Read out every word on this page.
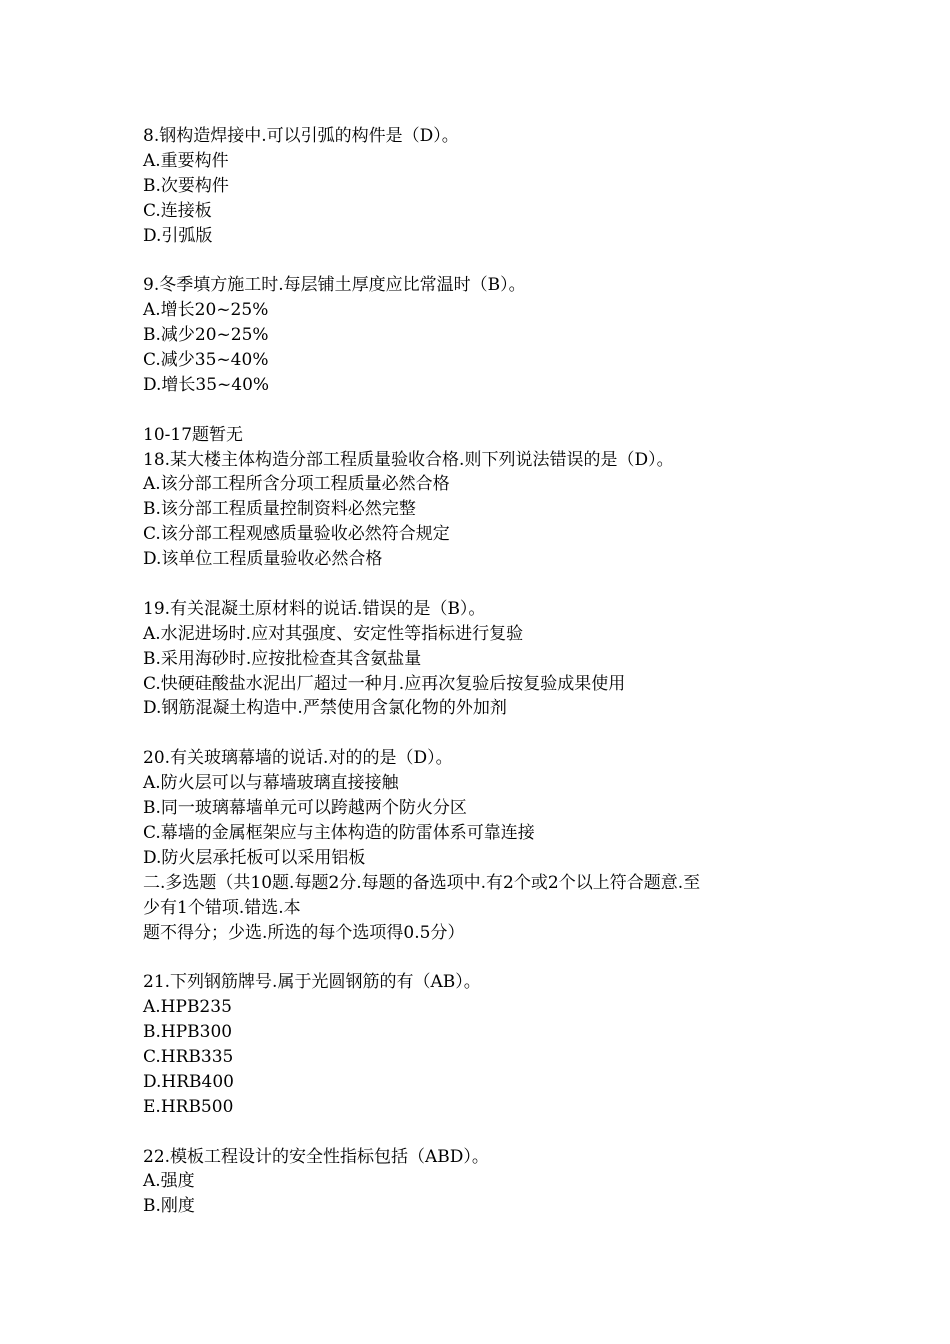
8.钢构造焊接中.可以引弧的构件是（D）。
A.重要构件
B.次要构件
C.连接板
D.引弧版
9.冬季填方施工时.每层铺土厚度应比常温时（B）。
A.增长20~25%
B.减少20~25%
C.减少35~40%
D.增长35~40%
10-17题暂无
18.某大楼主体构造分部工程质量验收合格.则下列说法错误的是（D）。
A.该分部工程所含分项工程质量必然合格
B.该分部工程质量控制资料必然完整
C.该分部工程观感质量验收必然符合规定
D.该单位工程质量验收必然合格
19.有关混凝土原材料的说话.错误的是（B）。
A.水泥进场时.应对其强度、安定性等指标进行复验
B.采用海砂时.应按批检查其含氨盐量
C.快硬硅酸盐水泥出厂超过一种月.应再次复验后按复验成果使用
D.钢筋混凝土构造中.严禁使用含氯化物的外加剂
20.有关玻璃幕墙的说话.对的的是（D）。
A.防火层可以与幕墙玻璃直接接触
B.同一玻璃幕墙单元可以跨越两个防火分区
C.幕墙的金属框架应与主体构造的防雷体系可靠连接
D.防火层承托板可以采用铝板
二.多选题（共10题.每题2分.每题的备选项中.有2个或2个以上符合题意.至
少有1个错项.错选.本
题不得分；少选.所选的每个选项得0.5分）
21.下列钢筋牌号.属于光圆钢筋的有（AB）。
A.HPB235
B.HPB300
C.HRB335
D.HRB400
E.HRB500
22.模板工程设计的安全性指标包括（ABD）。
A.强度
B.刚度
